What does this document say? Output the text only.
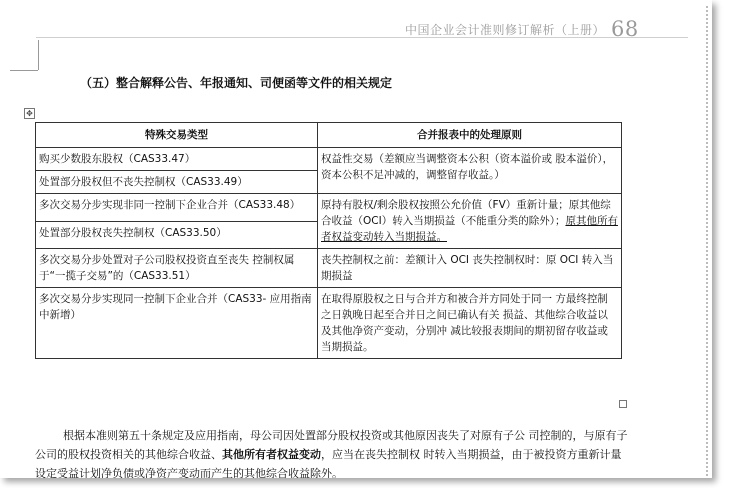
中国企业会计准则修订解析（上册） 68
（五）整合解释公告、年报通知、司便函等文件的相关规定
✥
特殊交易类型	合并报表中的处理原则
购买少数股东股权（CAS33.47）	权益性交易（差额应当调整资本公积（资本溢价或 股本溢价），资本公积不足冲减的，调整留存收益。）
处置部分股权但不丧失控制权（CAS33.49）	
多次交易分步实现非同一控制下企业合并（CAS33.48）	原持有股权/剩余股权按照公允价值（FV）重新计量；原其他综合收益（OCI）转入当期损益（不能重分类的除外）；原其他所有者权益变动转入当期损益。
处置部分股权丧失控制权（CAS33.50）	
多次交易分步处置对子公司股权投资直至丧失 控制权属于“一揽子交易”的（CAS33.51）	丧失控制权之前：差额计入 OCI 丧失控制权时：原 OCI 转入当期损益
多次交易分步实现同一控制下企业合并（CAS33- 应用指南中新增）	在取得原股权之日与合并方和被合并方同处于同一 方最终控制之日孰晚日起至合并日之间已确认有关 损益、其他综合收益以及其他净资产变动，分别冲 减比较报表期间的期初留存收益或当期损益。
根据本准则第五十条规定及应用指南，母公司因处置部分股权投资或其他原因丧失了对原有子公 司控制的，与原有子
公司的股权投资相关的其他综合收益、其他所有者权益变动，应当在丧失控制权 时转入当期损益，由于被投资方重新计量
设定受益计划净负债或净资产变动而产生的其他综合收益除外。
